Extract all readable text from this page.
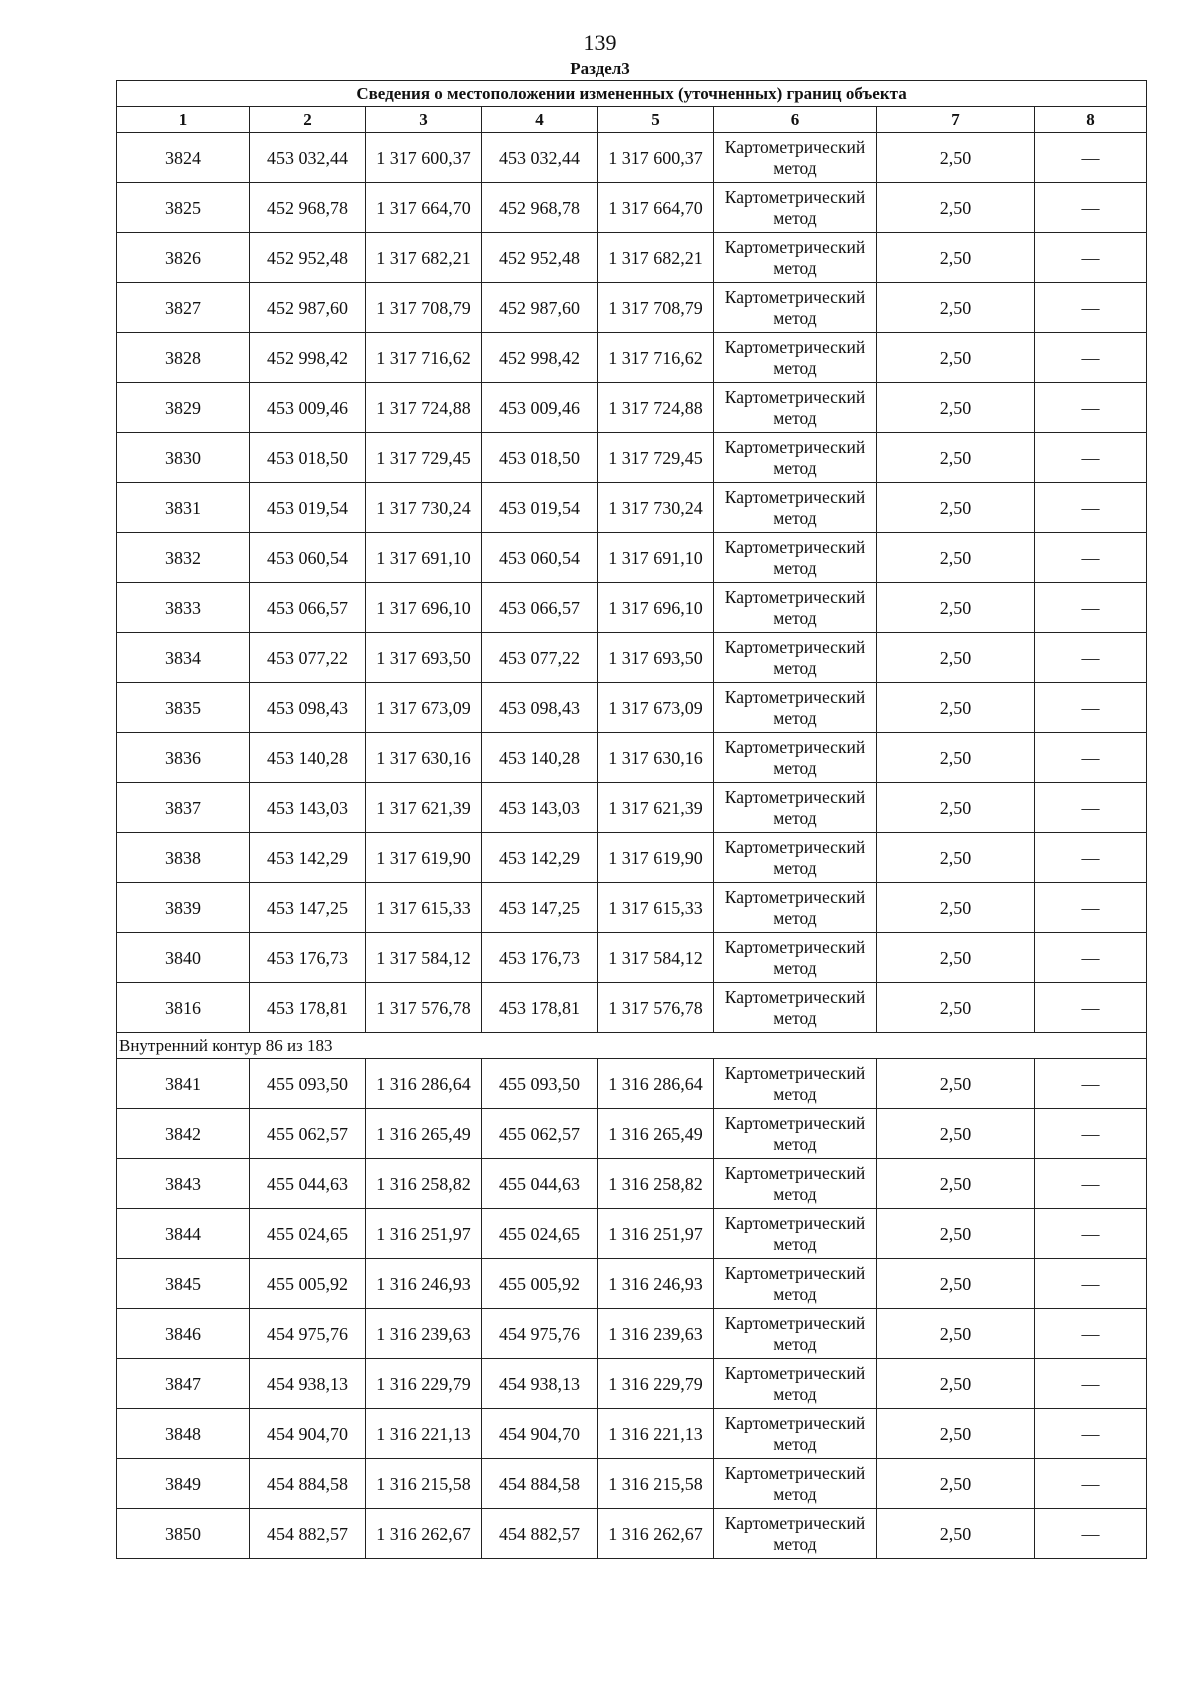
139
Раздел3
Сведения о местоположении измененных (уточненных) границ объекта							
1	2	3	4	5	6	7	8
3824	453 032,44	1 317 600,37	453 032,44	1 317 600,37	Картометрический метод	2,50	—
3825	452 968,78	1 317 664,70	452 968,78	1 317 664,70	Картометрический метод	2,50	—
3826	452 952,48	1 317 682,21	452 952,48	1 317 682,21	Картометрический метод	2,50	—
3827	452 987,60	1 317 708,79	452 987,60	1 317 708,79	Картометрический метод	2,50	—
3828	452 998,42	1 317 716,62	452 998,42	1 317 716,62	Картометрический метод	2,50	—
3829	453 009,46	1 317 724,88	453 009,46	1 317 724,88	Картометрический метод	2,50	—
3830	453 018,50	1 317 729,45	453 018,50	1 317 729,45	Картометрический метод	2,50	—
3831	453 019,54	1 317 730,24	453 019,54	1 317 730,24	Картометрический метод	2,50	—
3832	453 060,54	1 317 691,10	453 060,54	1 317 691,10	Картометрический метод	2,50	—
3833	453 066,57	1 317 696,10	453 066,57	1 317 696,10	Картометрический метод	2,50	—
3834	453 077,22	1 317 693,50	453 077,22	1 317 693,50	Картометрический метод	2,50	—
3835	453 098,43	1 317 673,09	453 098,43	1 317 673,09	Картометрический метод	2,50	—
3836	453 140,28	1 317 630,16	453 140,28	1 317 630,16	Картометрический метод	2,50	—
3837	453 143,03	1 317 621,39	453 143,03	1 317 621,39	Картометрический метод	2,50	—
3838	453 142,29	1 317 619,90	453 142,29	1 317 619,90	Картометрический метод	2,50	—
3839	453 147,25	1 317 615,33	453 147,25	1 317 615,33	Картометрический метод	2,50	—
3840	453 176,73	1 317 584,12	453 176,73	1 317 584,12	Картометрический метод	2,50	—
3816	453 178,81	1 317 576,78	453 178,81	1 317 576,78	Картометрический метод	2,50	—
Внутренний контур 86 из 183							
3841	455 093,50	1 316 286,64	455 093,50	1 316 286,64	Картометрический метод	2,50	—
3842	455 062,57	1 316 265,49	455 062,57	1 316 265,49	Картометрический метод	2,50	—
3843	455 044,63	1 316 258,82	455 044,63	1 316 258,82	Картометрический метод	2,50	—
3844	455 024,65	1 316 251,97	455 024,65	1 316 251,97	Картометрический метод	2,50	—
3845	455 005,92	1 316 246,93	455 005,92	1 316 246,93	Картометрический метод	2,50	—
3846	454 975,76	1 316 239,63	454 975,76	1 316 239,63	Картометрический метод	2,50	—
3847	454 938,13	1 316 229,79	454 938,13	1 316 229,79	Картометрический метод	2,50	—
3848	454 904,70	1 316 221,13	454 904,70	1 316 221,13	Картометрический метод	2,50	—
3849	454 884,58	1 316 215,58	454 884,58	1 316 215,58	Картометрический метод	2,50	—
3850	454 882,57	1 316 262,67	454 882,57	1 316 262,67	Картометрический метод	2,50	—
